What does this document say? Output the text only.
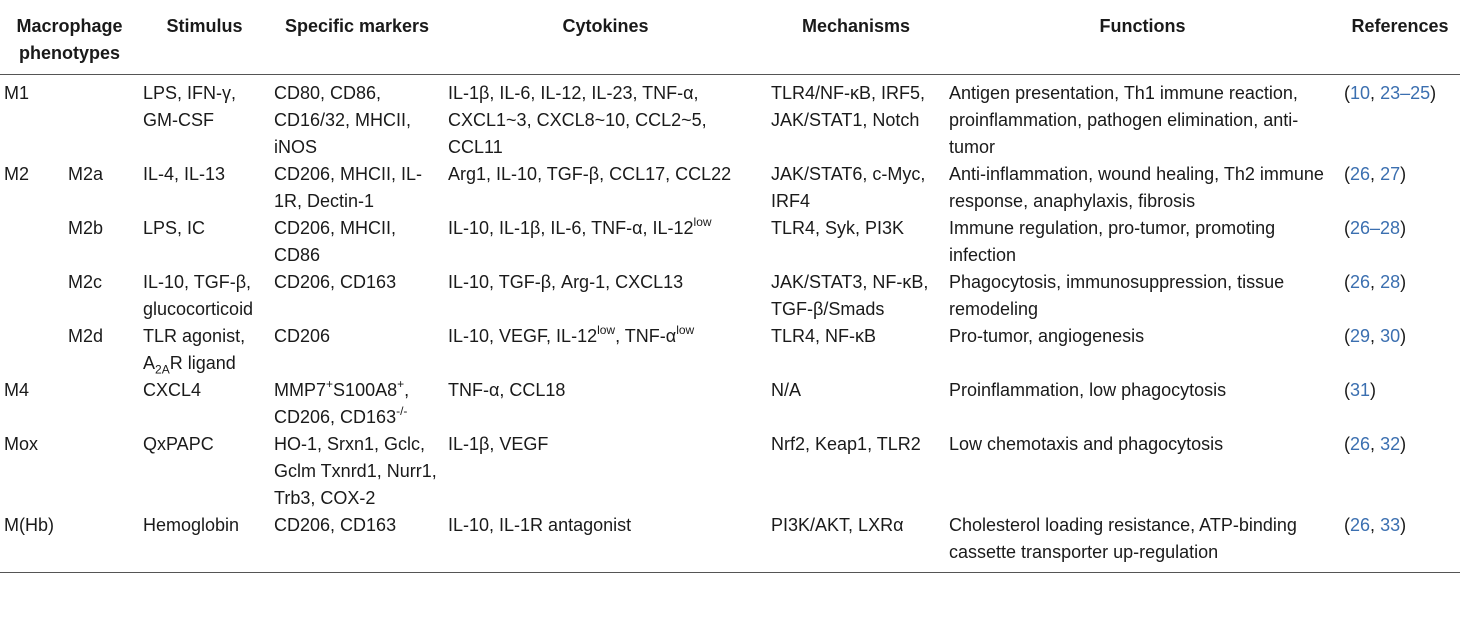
Macrophage phenotypes		Stimulus	Specific markers	Cytokines	Mechanisms	Functions	References
M1		LPS, IFN-γ, GM-CSF	CD80, CD86, CD16/32, MHCII, iNOS	IL-1β, IL-6, IL-12, IL-23, TNF-α, CXCL1~3, CXCL8~10, CCL2~5, CCL11	TLR4/NF-κB, IRF5, JAK/STAT1, Notch	Antigen presentation, Th1 immune reaction, proinflammation, pathogen elimination, anti-tumor	(10, 23–25)
M2	M2a	IL-4, IL-13	CD206, MHCII, IL-1R, Dectin-1	Arg1, IL-10, TGF-β, CCL17, CCL22	JAK/STAT6, c-Myc, IRF4	Anti-inflammation, wound healing, Th2 immune response, anaphylaxis, fibrosis	(26, 27)
	M2b	LPS, IC	CD206, MHCII, CD86	IL-10, IL-1β, IL-6, TNF-α, $IL-12^{low}$	TLR4, Syk, PI3K	Immune regulation, pro-tumor, promoting infection	(26–28)
	M2c	IL-10, TGF-β, glucocorticoid	CD206, CD163	IL-10, TGF-β, Arg-1, CXCL13	JAK/STAT3, NF-κB, TGF-β/Smads	Phagocytosis, immunosuppression, tissue remodeling	(26, 28)
	M2d	TLR agonist, $A_{2A}R$ ligand	CD206	IL-10, VEGF, $IL-12^{low}$, TNF-$\alpha^{low}$	TLR4, NF-κB	Pro-tumor, angiogenesis	(29, 30)
M4		CXCL4	MMP7+S100A8+, CD206, CD163-/-	TNF-α, CCL18	N/A	Proinflammation, low phagocytosis	(31)
Mox		QxPAPC	HO-1, Srxn1, Gclc, Gclm Txnrd1, Nurr1, Trb3, COX-2	IL-1β, VEGF	Nrf2, Keap1, TLR2	Low chemotaxis and phagocytosis	(26, 32)
M(Hb)		Hemoglobin	CD206, CD163	IL-10, IL-1R antagonist	PI3K/AKT, LXRα	Cholesterol loading resistance, ATP-binding cassette transporter up-regulation	(26, 33)
